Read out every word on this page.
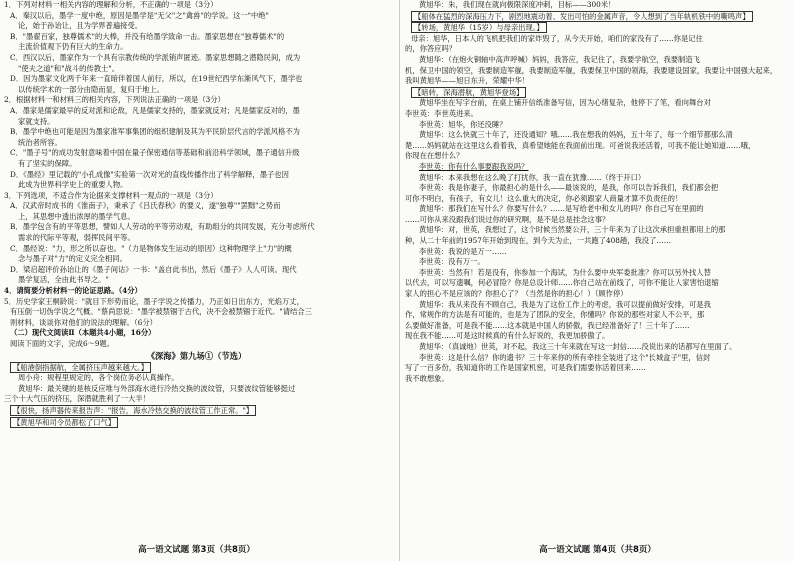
1．下列对材料一相关内容的理解和分析，不正确的一项是（3分）
A．秦汉以后，墨学一度中绝，原因是墨学是"无父"之"禽兽"的学说。这一"中绝"
论，始于孙诒让，且为学界普遍接受。
B．"墨翟百家，独尊儒术"的大棒，并没有给墨学致命一击。墨家思想在"独尊儒术"的
主流价值观下仍有巨大的生命力。
C．西汉以后，墨家作为一个具有宗教传统的学派销声匿迹。墨家思想随之潜隐民间，成为
"使夫之道"和"战斗的传教士"。
D．因为墨家文化两千年来一直暗伴着国人前行，所以，在19世纪西学东渐风气下，墨学也
以传统学术的一部分由隐而显，复归于地上。
2．根据材料一和材料三的相关内容，下列说法正确的一项是（3分）
A．墨家是儒家最早的反对派和论敌，凡是儒家支持的，墨家就反对；凡是儒家反对的，墨
家就支持。
B．墨学中绝也可能是因为墨家准军事集团的组织建制及其为平民阶层代言的学派风格不为
统治者所容。
C．"墨子号"的成功发射意味着中国在量子保密通信等基础和前沿科学领域，墨子通信升级
有了坚实的保障。
D．《墨经》里记载的"小孔成像"实验第一次对光的直线传播作出了科学解释，墨子也因
此成为世界科学史上的重要人物。
3．下列选项，不适合作为论据来支撑材料一观点的一项是（3分）
A．汉武帝时成书的《淮南子》，秉承了《吕氏春秋》的要义，遂"独尊""罢黜"之势而
上，其思想中透出浓厚的墨学气息。
B．墨学包含有的平等思想，譬如人人劳动的平等劳动观，有助组分的共同发展，充分考虑所代
需求的代际平等观，弱挥民间平等。
C．墨经说："力，形之所以奋也。"（力是物体发生运动的原因）这种物理学上"力"的概
念与墨子对"力"的定义完全相同。
D．梁启超评价孙诒让的《墨子间诂》一书："盖自此书出，然后《墨子》人人可读。现代
墨学复活，全由此书导之。"
4．请简要分析材料一的论证思路。（4分）
5．历史学家王桐龄说："就目下形势而论，墨子学说之传播力，乃正如日出东方，光焰万丈，
有压倒一切伪学说之气概。"蔡尚思说："墨学被禁锢于古代，决不会被禁锢于近代。"请结合三
则材料，谈谈你对他们的说法的理解。（6分）
（二）现代文阅读Ⅱ（本题共4小题，16分）
阅读下面的文字，完成6～9题。
《深海》第九场①（节选）
【船港倒指据航，全属挤压声越来越大。】
周小舟：规程里规定的，各个岗位务必认真操作。
黄旭华：最关键的是核反应堆与外部海水进行冷热交换的波纹管，只要波纹管能够挺过
三个十大气压的挤压，深潜就胜利了一大半！
【很快，扬声器传来报告声："报告，海水冷热交换的波纹管工作正常。"】
【黄旭华和司令员都松了口气】
高一语文试题 第3页（共8页）
黄旭华：朱，我们现在就向极限深度冲刺，目标——300米！
【船体在猛烈的深海压力下，剧烈地震动着、发出可怕的金属声音，令人想到了当年轨机铁中的嘶鸣声】
【转场，黄旭华（15岁）与母亲出现。】
母亲：旭华，日本人的飞机把我们的家炸毁了，从今天开始，咱们的家没有了……你是记住
的，你答应吗？
黄旭华：（在炮火铜轴中高声呼喊）妈妈，我答应，我记住了，我要学航空，我要制造飞
机，保卫中国的领空，我要制造军舰，我要制造军舰，我要保卫中国的领海，我要建设国家，我要让中国强大起来，
我叫黄旭华——旭日东升，荣耀中华！
【暗转，深海潜航，黄旭华登场】
黄旭华坐在写字台前，在桌上铺开信纸准备写信，因为心绪复杂，他停下了笔，看向舞台对
李世英：李世英进来。
李世英：旭华，你还没睡？
黄旭华：这么快就三十年了，还没通知？哦……我在想我的妈妈，五十年了，每一个细节都那么清
楚……妈妈就站在这里这么看着我，真希望她能在我面前出现。可爸说我还活着，可我不能让她知道……哦，
你现在在想什么？
李世英：你有什么事要跟我说吗？
黄旭华：本来我想在这么晚了打扰你，我一直在犹豫……（终于开口）
李世英：我是你妻子，你最担心的是什么——最该说的，是我，你可以告诉我们，我们都会把
可你不明白，有孩子，有女儿！这么重大的决定，你必须跟家人商量才算不负责任的！
黄旭华：那我们在写什么？你要写什么？……是写给老中和女儿的吗？你自己写在里面的
……可你从来没跟我们说过你的研究啊，是不是总是挂念这事？
黄旭华：对，世英，我想过了，这个时候当然要公开，三十年来为了让这次承担重担都用上的那
种，从二十年前的1957年开始到现在，到今天为止，一共跑了408趟，我没了……
李世英：我说的是万一……
李世英：没有万一。
李世英：当然有！若是没有，你参加一个海试，为什么要中央军委批准？你可以另外找人替
以代去，可以写遗嘱，何必冒险？你是总设计师……你自己站在前线了，可你不能让人家害怕退缩
家人的担心不是应该的？你担心了？（当然是你的担心！）（顾作停）
黄旭华：我从来没有不顾自己，我是为了这份工作上的考虑，我可以提前做好安排，可是我
作，常规作的方法是有可能的，也是为了团队的安全，你懂吗？你说的那些对家人不公平，那
么要做好准备，可是我不能……这本就是中国人的骄傲，我已经准备好了！三十年了……
现在我不能……可是这时候真的有什么好说的，我更加骄傲了。
黄旭华：（真诚地）世英，对不起，我这三十年来就在写这一封信……没说出来的话都写在里面了。
李世英：这是什么信？你的遗书？三十年来你的所有牵挂全装进了这个"长城盒子"里，信封
写了一百多份，我知道你的工作是国家机密，可是我们需要你活着回来……
我不敢想象。
高一语文试题 第4页（共8页）
